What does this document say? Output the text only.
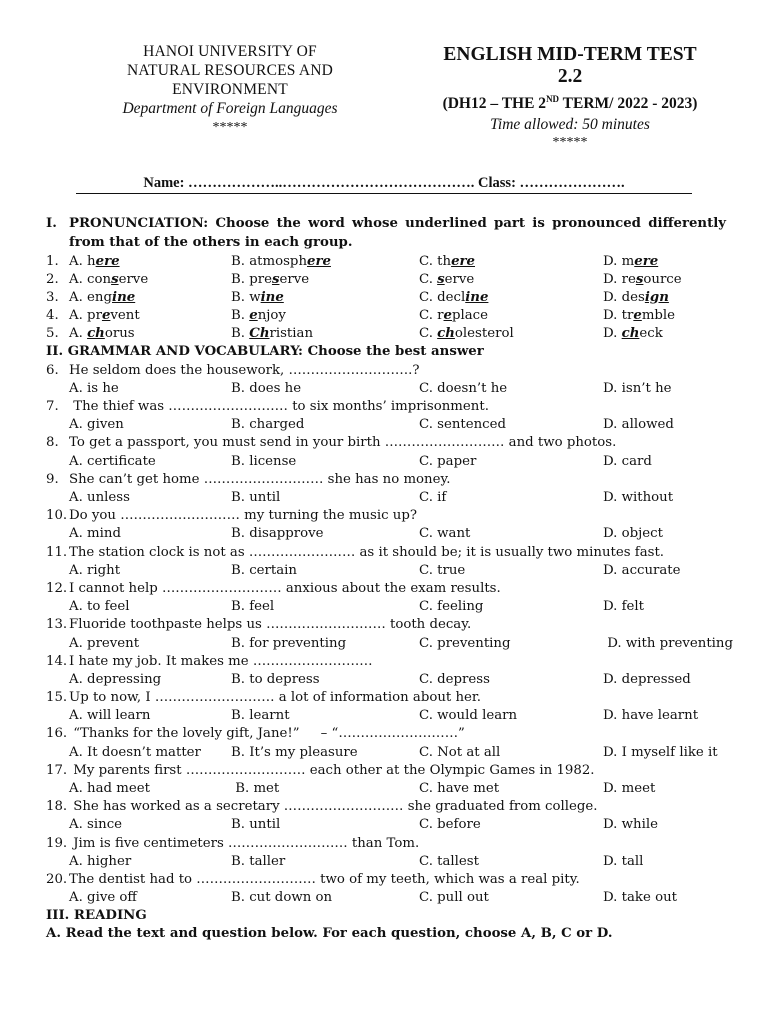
HANOI UNIVERSITY OF
NATURAL RESOURCES AND
ENVIRONMENT
Department of Foreign Languages
*****
ENGLISH MID-TERM TEST
2.2
(DH12 – THE 2ND TERM/ 2022 - 2023)
Time allowed: 50 minutes
*****
Name: ………………..…………………………………. Class: ………………….
I. PRONUNCIATION: Choose the word whose underlined part is pronounced differently from that of the others in each group.
1. A. here	B. atmosphere	C. there	D. mere
2. A. conserve	B. preserve	C. serve	D. resource
3. A. engine	B. wine	C. decline	D. design
4. A. prevent	B. enjoy	C. replace	D. tremble
5. A. chorus	B. Christian	C. cholesterol	D. check
II. GRAMMAR AND VOCABULARY: Choose the best answer
6. He seldom does the housework, ……………………….?
A. is he	B. does he	C. doesn’t he	D. isn’t he
7. The thief was ……………………… to six months’ imprisonment.
A. given	B. charged	C. sentenced	D. allowed
8. To get a passport, you must send in your birth ……………………… and two photos.
A. certificate	B. license	C. paper	D. card
9. She can’t get home ……………………… she has no money.
A. unless	B. until	C. if	D. without
10. Do you ……………………… my turning the music up?
A. mind	B. disapprove	C. want	D. object
11. The station clock is not as …………………… as it should be; it is usually two minutes fast.
A. right	B. certain	C. true	D. accurate
12. I cannot help ……………………… anxious about the exam results.
A. to feel	B. feel	C. feeling	D. felt
13. Fluoride toothpaste helps us ……………………… tooth decay.
A. prevent	B. for preventing	C. preventing	D. with preventing
14. I hate my job. It makes me ………………………
A. depressing	B. to depress	C. depress	D. depressed
15. Up to now, I ……………………… a lot of information about her.
A. will learn	B. learnt	C. would learn	D. have learnt
16. “Thanks for the lovely gift, Jane!”     – “………………………”
A. It doesn’t matter	B. It’s my pleasure	C. Not at all	D. I myself like it
17. My parents first ……………………… each other at the Olympic Games in 1982.
A. had meet	B. met	C. have met	D. meet
18. She has worked as a secretary ……………………… she graduated from college.
A. since	B. until	C. before	D. while
19. Jim is five centimeters ……………………… than Tom.
A. higher	B. taller	C. tallest	D. tall
20. The dentist had to ……………………… two of my teeth, which was a real pity.
A. give off	B. cut down on	C. pull out	D. take out
III. READING
A. Read the text and question below. For each question, choose A, B, C or D.
